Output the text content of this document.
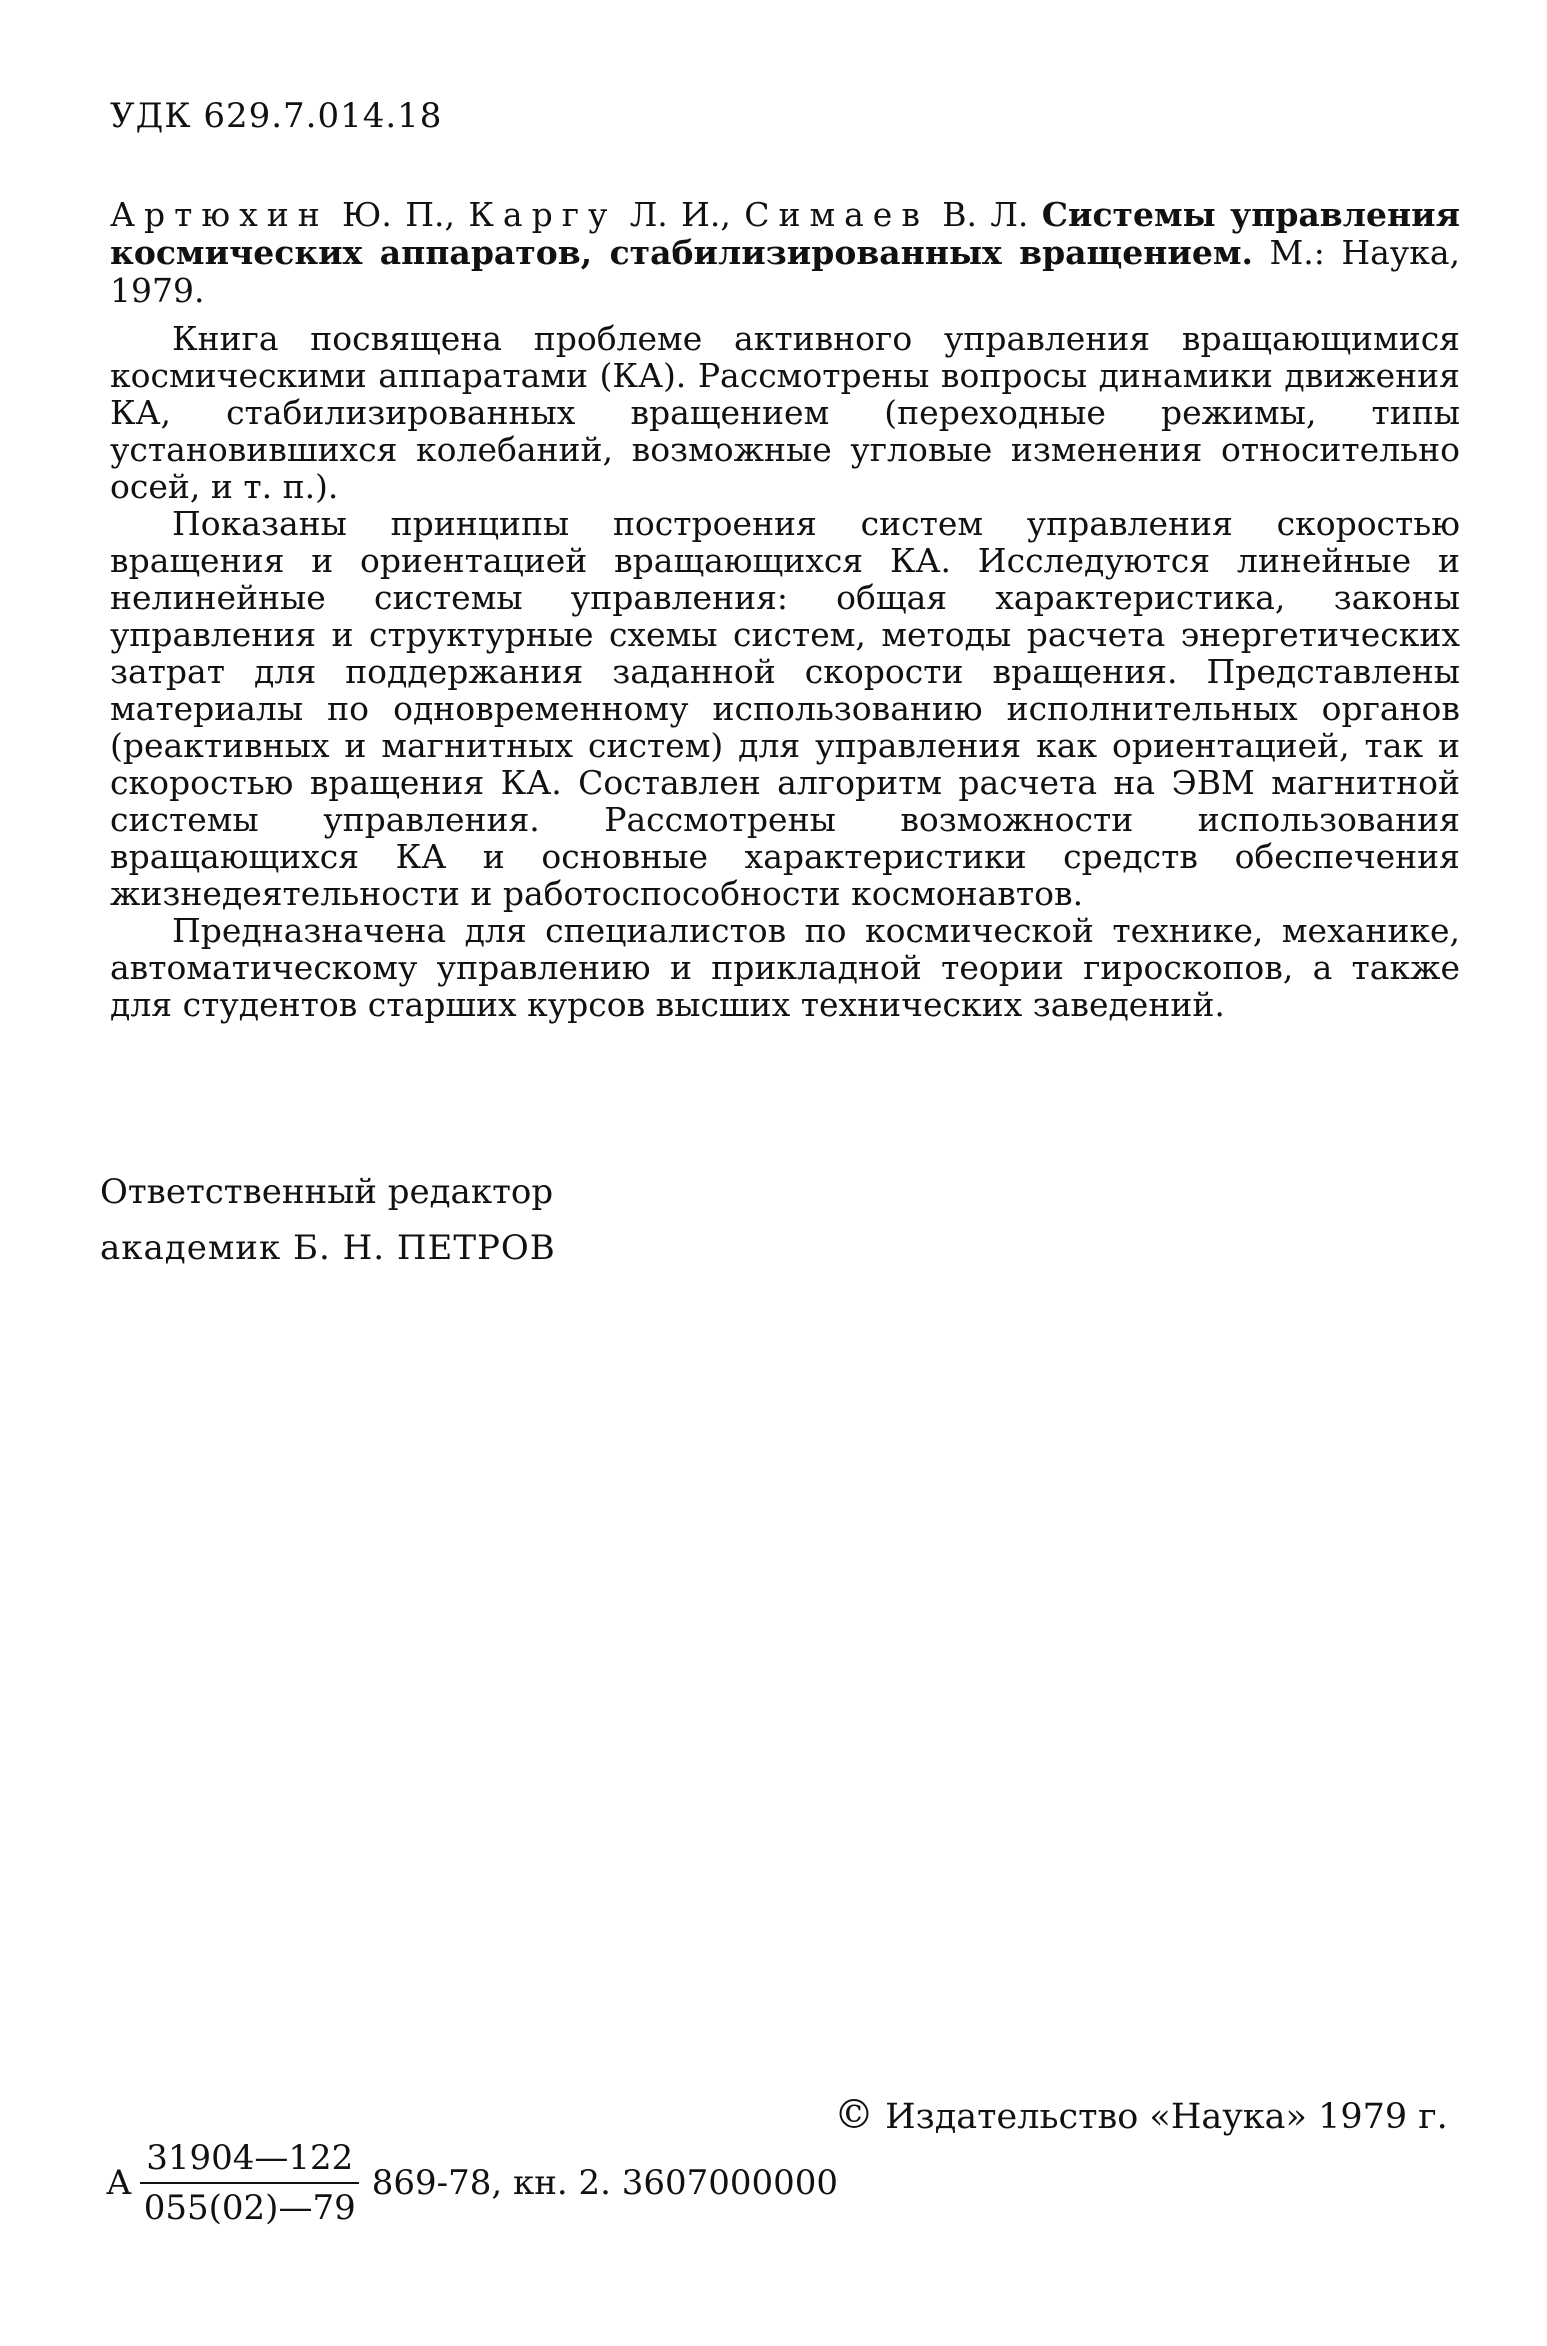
УДК 629.7.014.18
Артюхин Ю. П., Каргу Л. И., Симаев В. Л. Системы управления космических аппаратов, стабилизированных вращением. М.: Наука, 1979.

Книга посвящена проблеме активного управления вращающимися космическими аппаратами (КА). Рассмотрены вопросы динамики движения КА, стабилизированных вращением (переходные режимы, типы установившихся колебаний, возможные угловые изменения относительно осей, и т. п.).

Показаны принципы построения систем управления скоростью вращения и ориентацией вращающихся КА. Исследуются линейные и нелинейные системы управления: общая характеристика, законы управления и структурные схемы систем, методы расчета энергетических затрат для поддержания заданной скорости вращения. Представлены материалы по одновременному использованию исполнительных органов (реактивных и магнитных систем) для управления как ориентацией, так и скоростью вращения КА. Составлен алгоритм расчета на ЭВМ магнитной системы управления. Рассмотрены возможности использования вращающихся КА и основные характеристики средств обеспечения жизнедеятельности и работоспособности космонавтов.

Предназначена для специалистов по космической технике, механике, автоматическому управлению и прикладной теории гироскопов, а также для студентов старших курсов высших технических заведений.

Ответственный редактор
академик Б. Н. ПЕТРОВ
© Издательство «Наука» 1979 г.
А $\frac{31904—122}{055(02)—79} 869-78$, кн. 2. 3607000000
